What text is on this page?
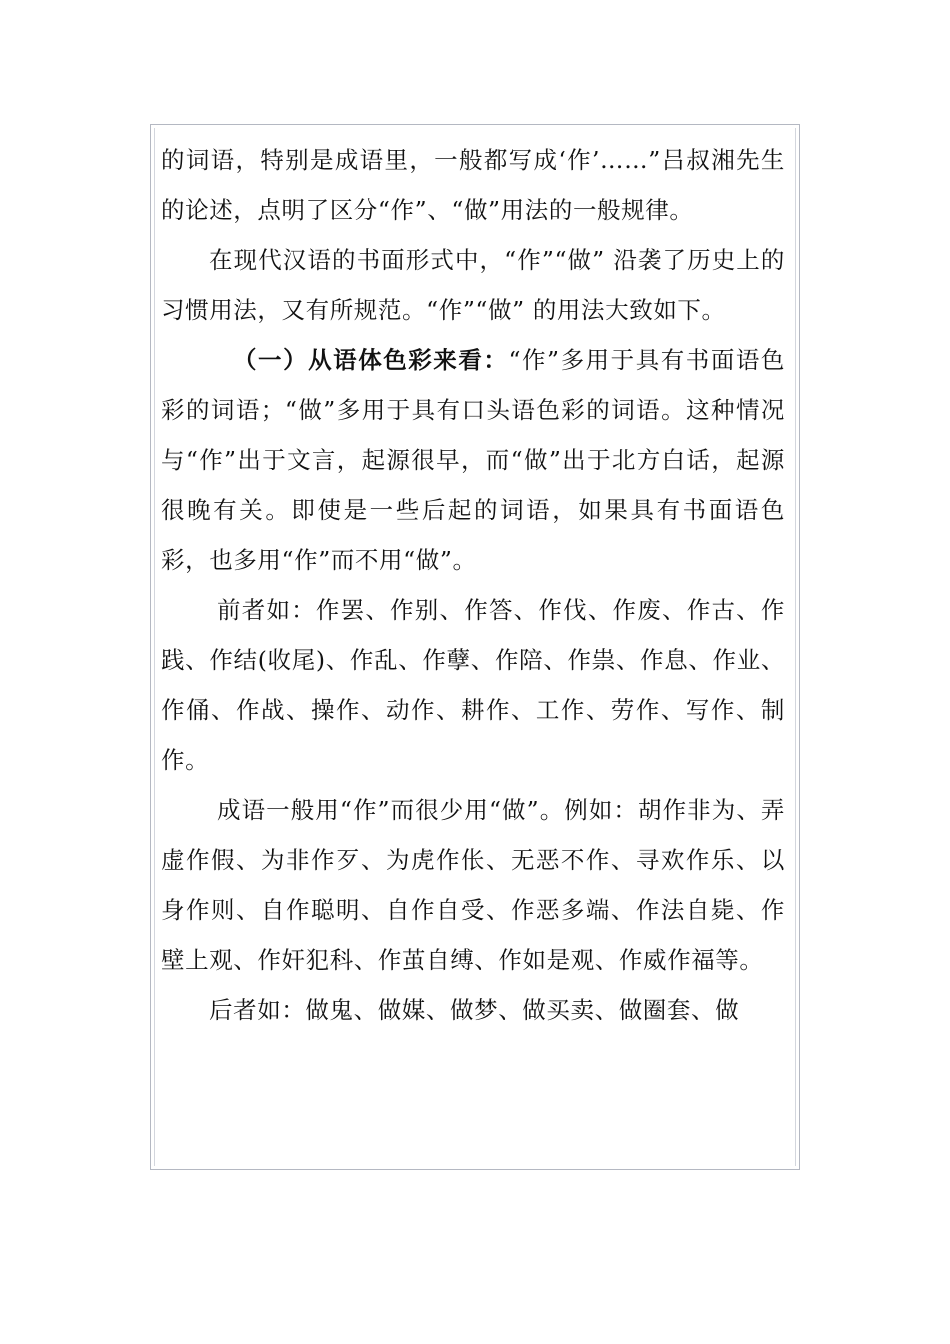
的词语，特别是成语里，一般都写成‘作’……”吕叔湘先生的论述，点明了区分“作”、“做”用法的一般规律。

在现代汉语的书面形式中，“作”“做” 沿袭了历史上的习惯用法，又有所规范。“作”“做” 的用法大致如下。

（一）从语体色彩来看：“作”多用于具有书面语色彩的词语；“做”多用于具有口头语色彩的词语。这种情况与“作”出于文言，起源很早，而“做”出于北方白话，起源很晚有关。即使是一些后起的词语，如果具有书面语色彩，也多用“作”而不用“做”。

前者如：作罢、作别、作答、作伐、作废、作古、作践、作结(收尾)、作乱、作孽、作陪、作祟、作息、作业、作俑、作战、操作、动作、耕作、工作、劳作、写作、制作。

成语一般用“作”而很少用“做”。例如：胡作非为、弄虚作假、为非作歹、为虎作伥、无恶不作、寻欢作乐、以身作则、自作聪明、自作自受、作恶多端、作法自毙、作壁上观、作奸犯科、作茧自缚、作如是观、作威作福等。

后者如：做鬼、做媒、做梦、做买卖、做圈套、做
